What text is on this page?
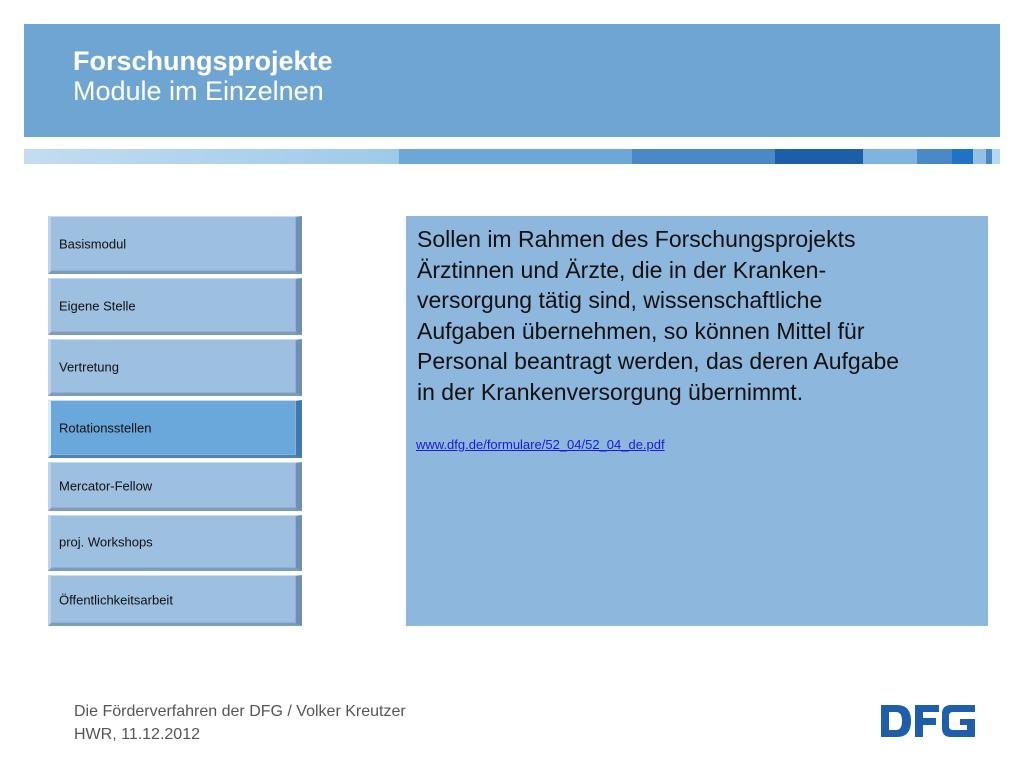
Forschungsprojekte
Module im Einzelnen
Basismodul
Eigene Stelle
Vertretung
Rotationsstellen
Mercator-Fellow
proj. Workshops
Öffentlichkeitsarbeit
Sollen im Rahmen des Forschungsprojekts
Ärztinnen und Ärzte, die in der Kranken-
versorgung tätig sind, wissenschaftliche
Aufgaben übernehmen, so können Mittel für
Personal beantragt werden, das deren Aufgabe
in der Krankenversorgung übernimmt.
www.dfg.de/formulare/52_04/52_04_de.pdf
Die Förderverfahren der DFG / Volker Kreutzer
HWR, 11.12.2012
